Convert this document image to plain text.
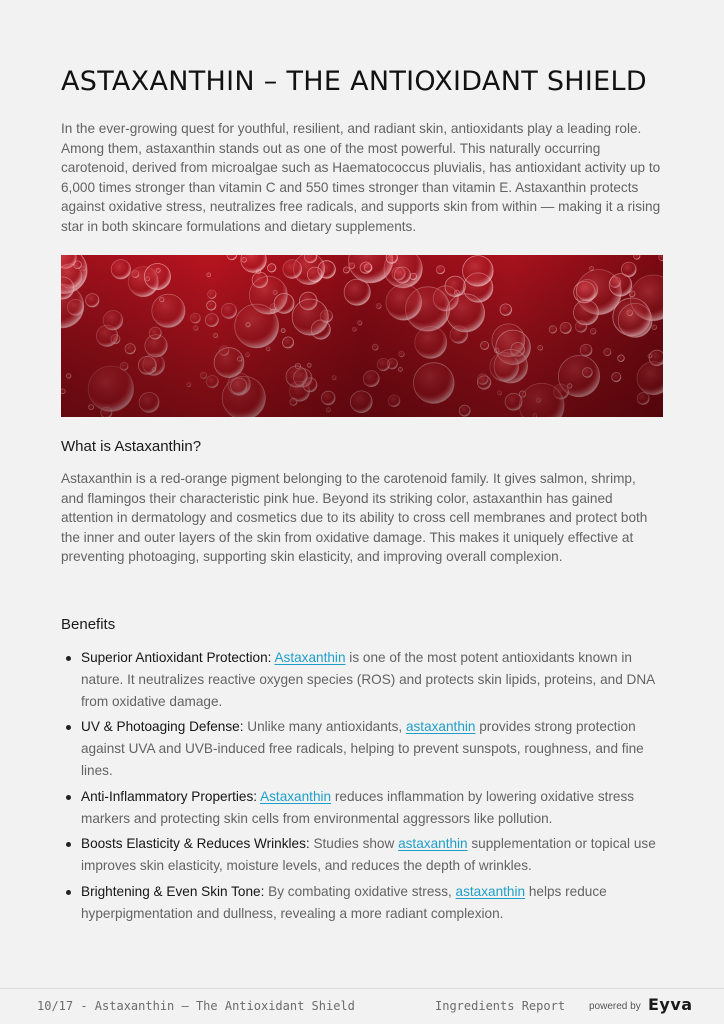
ASTAXANTHIN – THE ANTIOXIDANT SHIELD

In the ever-growing quest for youthful, resilient, and radiant skin, antioxidants play a leading role. Among them, astaxanthin stands out as one of the most powerful. This naturally occurring carotenoid, derived from microalgae such as Haematococcus pluvialis, has antioxidant activity up to 6,000 times stronger than vitamin C and 550 times stronger than vitamin E. Astaxanthin protects against oxidative stress, neutralizes free radicals, and supports skin from within — making it a rising star in both skincare formulations and dietary supplements.

What is Astaxanthin?

Astaxanthin is a red-orange pigment belonging to the carotenoid family. It gives salmon, shrimp, and flamingos their characteristic pink hue. Beyond its striking color, astaxanthin has gained attention in dermatology and cosmetics due to its ability to cross cell membranes and protect both the inner and outer layers of the skin from oxidative damage. This makes it uniquely effective at preventing photoaging, supporting skin elasticity, and improving overall complexion.

Benefits
Superior Antioxidant Protection: Astaxanthin is one of the most potent antioxidants known in nature. It neutralizes reactive oxygen species (ROS) and protects skin lipids, proteins, and DNA from oxidative damage.
UV & Photoaging Defense: Unlike many antioxidants, astaxanthin provides strong protection against UVA and UVB-induced free radicals, helping to prevent sunspots, roughness, and fine lines.
Anti-Inflammatory Properties: Astaxanthin reduces inflammation by lowering oxidative stress markers and protecting skin cells from environmental aggressors like pollution.
Boosts Elasticity & Reduces Wrinkles: Studies show astaxanthin supplementation or topical use improves skin elasticity, moisture levels, and reduces the depth of wrinkles.
Brightening & Even Skin Tone: By combating oxidative stress, astaxanthin helps reduce hyperpigmentation and dullness, revealing a more radiant complexion.
10/17 - Astaxanthin – The Antioxidant Shield	Ingredients Report powered by Eyva
